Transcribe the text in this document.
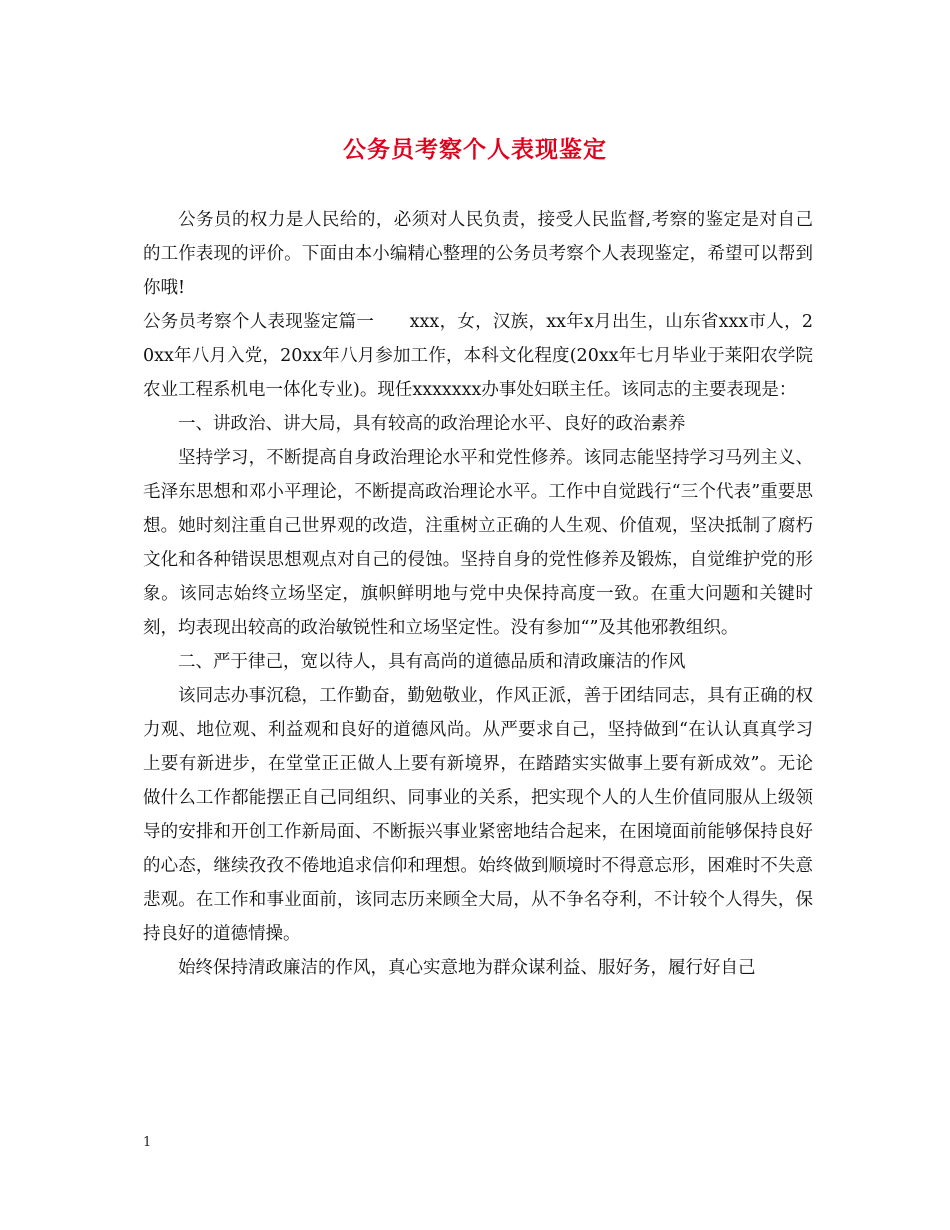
公务员考察个人表现鉴定

公务员的权力是人民给的，必须对人民负责，接受人民监督,考察的鉴定是对自己的工作表现的评价。下面由本小编精心整理的公务员考察个人表现鉴定，希望可以帮到你哦!

公务员考察个人表现鉴定篇一　　xxx，女，汉族，xx年x月出生，山东省xxx市人，20xx年八月入党，20xx年八月参加工作，本科文化程度(20xx年七月毕业于莱阳农学院农业工程系机电一体化专业)。现任xxxxxxx办事处妇联主任。该同志的主要表现是：

一、讲政治、讲大局，具有较高的政治理论水平、良好的政治素养

坚持学习，不断提高自身政治理论水平和党性修养。该同志能坚持学习马列主义、毛泽东思想和邓小平理论，不断提高政治理论水平。工作中自觉践行“三个代表”重要思想。她时刻注重自己世界观的改造，注重树立正确的人生观、价值观，坚决抵制了腐朽文化和各种错误思想观点对自己的侵蚀。坚持自身的党性修养及锻炼，自觉维护党的形象。该同志始终立场坚定，旗帜鲜明地与党中央保持高度一致。在重大问题和关键时刻，均表现出较高的政治敏锐性和立场坚定性。没有参加“”及其他邪教组织。

二、严于律己，宽以待人，具有高尚的道德品质和清政廉洁的作风

该同志办事沉稳，工作勤奋，勤勉敬业，作风正派，善于团结同志，具有正确的权力观、地位观、利益观和良好的道德风尚。从严要求自己，坚持做到“在认认真真学习上要有新进步，在堂堂正正做人上要有新境界，在踏踏实实做事上要有新成效”。无论做什么工作都能摆正自己同组织、同事业的关系，把实现个人的人生价值同服从上级领导的安排和开创工作新局面、不断振兴事业紧密地结合起来，在困境面前能够保持良好的心态，继续孜孜不倦地追求信仰和理想。始终做到顺境时不得意忘形，困难时不失意悲观。在工作和事业面前，该同志历来顾全大局，从不争名夺利，不计较个人得失，保持良好的道德情操。

始终保持清政廉洁的作风，真心实意地为群众谋利益、服好务，履行好自己

1
